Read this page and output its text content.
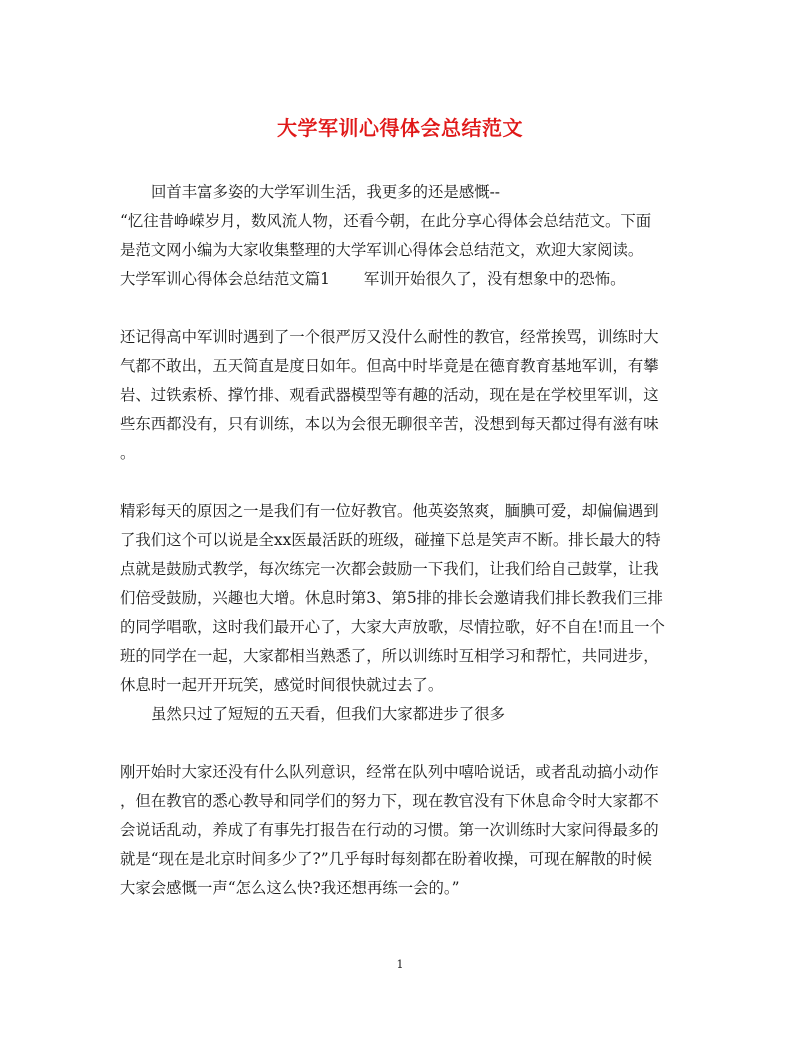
大学军训心得体会总结范文
回首丰富多姿的大学军训生活，我更多的还是感慨--
“忆往昔峥嵘岁月，数风流人物，还看今朝，在此分享心得体会总结范文。下面
是范文网小编为大家收集整理的大学军训心得体会总结范文，欢迎大家阅读。
大学军训心得体会总结范文篇1 军训开始很久了，没有想象中的恐怖。
还记得高中军训时遇到了一个很严厉又没什么耐性的教官，经常挨骂，训练时大
气都不敢出，五天简直是度日如年。但高中时毕竟是在德育教育基地军训，有攀
岩、过铁索桥、撑竹排、观看武器模型等有趣的活动，现在是在学校里军训，这
些东西都没有，只有训练，本以为会很无聊很辛苦，没想到每天都过得有滋有味
。
精彩每天的原因之一是我们有一位好教官。他英姿煞爽，腼腆可爱，却偏偏遇到
了我们这个可以说是全xx医最活跃的班级，碰撞下总是笑声不断。排长最大的特
点就是鼓励式教学，每次练完一次都会鼓励一下我们，让我们给自己鼓掌，让我
们倍受鼓励，兴趣也大增。休息时第3、第5排的排长会邀请我们排长教我们三排
的同学唱歌，这时我们最开心了，大家大声放歌，尽情拉歌，好不自在!而且一个
班的同学在一起，大家都相当熟悉了，所以训练时互相学习和帮忙，共同进步，
休息时一起开开玩笑，感觉时间很快就过去了。
虽然只过了短短的五天看，但我们大家都进步了很多
刚开始时大家还没有什么队列意识，经常在队列中嘻哈说话，或者乱动搞小动作
，但在教官的悉心教导和同学们的努力下，现在教官没有下休息命令时大家都不
会说话乱动，养成了有事先打报告在行动的习惯。第一次训练时大家问得最多的
就是“现在是北京时间多少了?”几乎每时每刻都在盼着收操，可现在解散的时候
大家会感慨一声“怎么这么快?我还想再练一会的。”
1
